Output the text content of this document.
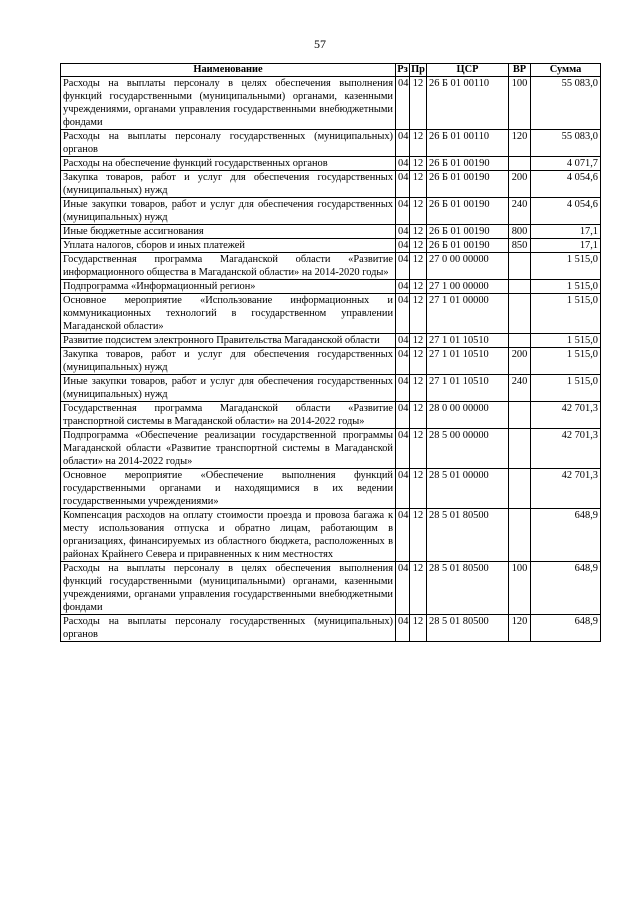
57
Наименование	Рз	Пр	ЦСР	ВР	Сумма
Расходы на выплаты персоналу в целях обеспечения выполнения функций государственными (муниципальными) органами, казенными учреждениями, органами управления государственными внебюджетными фондами	04	12	26 Б 01 00110	100	55 083,0
Расходы на выплаты персоналу государственных (муниципальных) органов	04	12	26 Б 01 00110	120	55 083,0
Расходы на обеспечение функций государственных органов	04	12	26 Б 01 00190		4 071,7
Закупка товаров, работ и услуг для обеспечения государственных (муниципальных) нужд	04	12	26 Б 01 00190	200	4 054,6
Иные закупки товаров, работ и услуг для обеспечения государственных (муниципальных) нужд	04	12	26 Б 01 00190	240	4 054,6
Иные бюджетные ассигнования	04	12	26 Б 01 00190	800	17,1
Уплата налогов, сборов и иных платежей	04	12	26 Б 01 00190	850	17,1
Государственная программа Магаданской области «Развитие информационного общества в Магаданской области» на 2014-2020 годы»	04	12	27 0 00 00000		1 515,0
Подпрограмма «Информационный регион»	04	12	27 1 00 00000		1 515,0
Основное мероприятие «Использование информационных и коммуникационных технологий в государственном управлении Магаданской области»	04	12	27 1 01 00000		1 515,0
Развитие подсистем электронного Правительства Магаданской области	04	12	27 1 01 10510		1 515,0
Закупка товаров, работ и услуг для обеспечения государственных (муниципальных) нужд	04	12	27 1 01 10510	200	1 515,0
Иные закупки товаров, работ и услуг для обеспечения государственных (муниципальных) нужд	04	12	27 1 01 10510	240	1 515,0
Государственная программа Магаданской области «Развитие транспортной системы в Магаданской области» на 2014-2022 годы»	04	12	28 0 00 00000		42 701,3
Подпрограмма «Обеспечение реализации государственной программы Магаданской области «Развитие транспортной системы в Магаданской области» на 2014-2022 годы»	04	12	28 5 00 00000		42 701,3
Основное мероприятие «Обеспечение выполнения функций государственными органами и находящимися в их ведении государственными учреждениями»	04	12	28 5 01 00000		42 701,3
Компенсация расходов на оплату стоимости проезда и провоза багажа к месту использования отпуска и обратно лицам, работающим в организациях, финансируемых из областного бюджета, расположенных в районах Крайнего Севера и приравненных к ним местностях	04	12	28 5 01 80500		648,9
Расходы на выплаты персоналу в целях обеспечения выполнения функций государственными (муниципальными) органами, казенными учреждениями, органами управления государственными внебюджетными фондами	04	12	28 5 01 80500	100	648,9
Расходы на выплаты персоналу государственных (муниципальных) органов	04	12	28 5 01 80500	120	648,9
